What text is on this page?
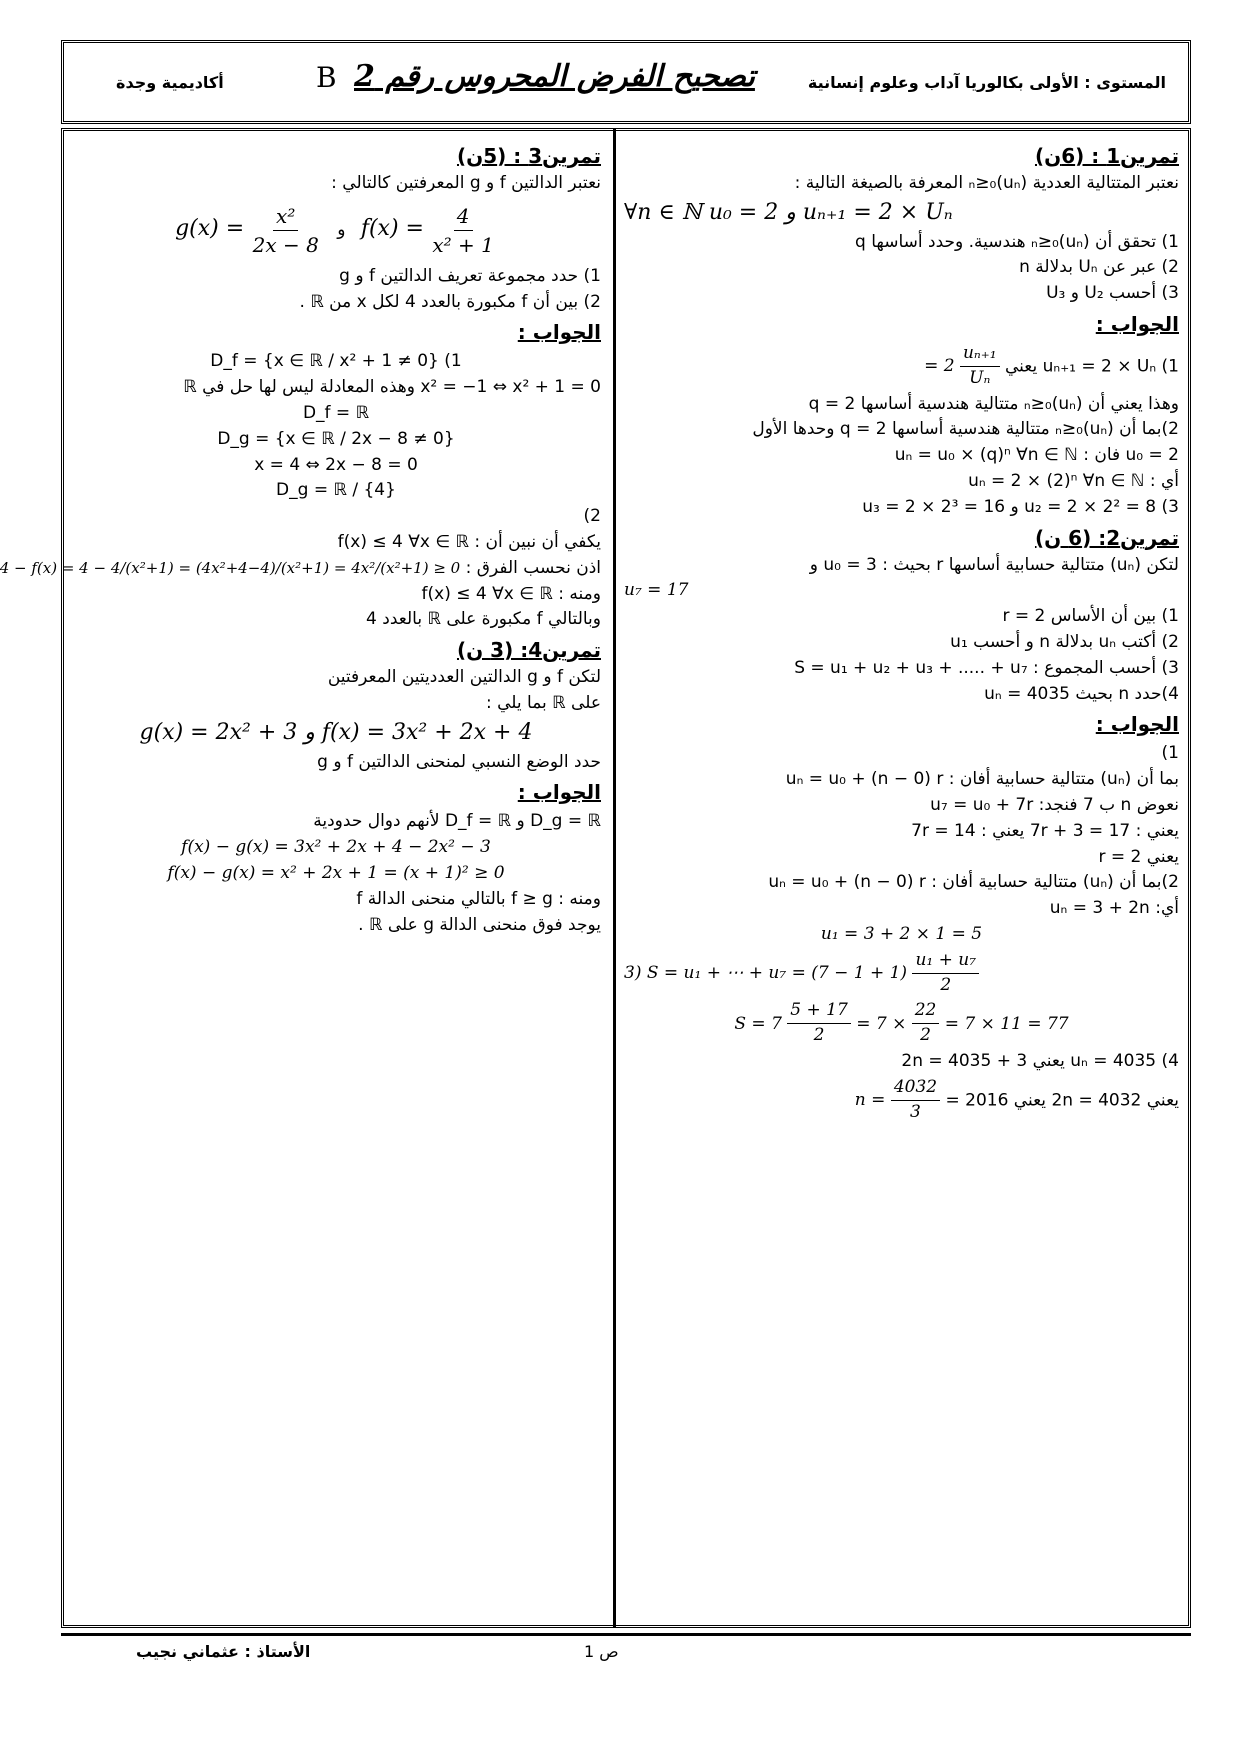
المستوى : الأولى بكالوريا آداب وعلوم إنسانية
تصحيح الفرض المحروس رقم 2
B
أكاديمية وجدة
تمرين1 : (6ن)
نعتبر المتتالية العددية (uₙ)ₙ≥₀ المعرفة بالصيغة التالية :
∀n ∈ ℕ u₀ = 2 و uₙ₊₁ = 2 × Uₙ
1) تحقق أن (uₙ)ₙ≥₀ هندسية. وحدد أساسها q
2) عبر عن Uₙ بدلالة n
3) أحسب U₂ و U₃
الجواب :
1) uₙ₊₁ = 2 × Uₙ يعني
$\frac{\text{uₙ₊₁}}{\text{Uₙ}}$
= 2
وهذا يعني أن (uₙ)ₙ≥₀ متتالية هندسية أساسها q = 2
2)بما أن (uₙ)ₙ≥₀ متتالية هندسية أساسها q = 2 وحدها الأول
u₀ = 2 فان : uₙ = u₀ × (q)ⁿ ∀n ∈ ℕ
أي : uₙ = 2 × (2)ⁿ ∀n ∈ ℕ
3) u₂ = 2 × 2² = 8 و u₃ = 2 × 2³ = 16
تمرين2: (6 ن)
لتكن (uₙ) متتالية حسابية أساسها r بحيث : u₀ = 3 و
u₇ = 17
1) بين أن الأساس r = 2
2) أكتب uₙ بدلالة n و أحسب u₁
3) أحسب المجموع : S = u₁ + u₂ + u₃ + ..... + u₇
4)حدد n بحيث uₙ = 4035
الجواب :
1)
بما أن (uₙ) متتالية حسابية أفان : uₙ = u₀ + (n − 0) r
نعوض n ب 7 فنجد: u₇ = u₀ + 7r
يعني : 17 = 3 + 7r يعني : 14 = 7r
يعني r = 2
2)بما أن (uₙ) متتالية حسابية أفان : uₙ = u₀ + (n − 0) r
أي: uₙ = 3 + 2n
u₁ = 3 + 2 × 1 = 5
3) S = u₁ + ⋯ + $u_7 = (7 - 1 + 1) \frac{\text{u₁ + u₇}}{2}$
$S = 7 \frac{5 + 17}{2} = 7 \times \frac{22}{2} = 7 \times 11 = 77$
4) uₙ = 4035 يعني 3 + 2n = 4035
يعني 2n = 4032 يعني 2016 =
$\frac{4032}{3}$
n =
تمرين3 : (5ن)
نعتبر الدالتين f و g المعرفتين كالتالي :
$g(x) = \frac{\text{x²}}{2x - 8}$ و $f(x) = \frac{4}{\text{x² + 1}}$
1) حدد مجموعة تعريف الدالتين f و g
2) بين أن f مكبورة بالعدد 4 لكل x من ℝ .
الجواب :
1) D_f = {x ∈ ℝ / x² + 1 ≠ 0}
x² = −1 ⇔ x² + 1 = 0 وهذه المعادلة ليس لها حل في ℝ
D_f = ℝ
D_g = {x ∈ ℝ / 2x − 8 ≠ 0}
x = 4 ⇔ 2x − 8 = 0
D_g = ℝ / {4}
2)
يكفي أن نبين أن : f(x) ≤ 4 ∀x ∈ ℝ
اذن نحسب الفرق : 4 − f(x) = 4 − 4/(x²+1) = (4x²+4−4)/(x²+1) = 4x²/(x²+1) ≥ 0
ومنه : f(x) ≤ 4 ∀x ∈ ℝ
وبالتالي f مكبورة على ℝ بالعدد 4
تمرين4: (3 ن)
لتكن f و g الدالتين العدديتين المعرفتين
على ℝ بما يلي :
g(x) = 2x² + 3 و f(x) = 3x² + 2x + 4
حدد الوضع النسبي لمنحنى الدالتين f و g
الجواب :
D_g = ℝ و D_f = ℝ لأنهم دوال حدودية
f(x) − g(x) = 3x² + 2x + 4 − 2x² − 3
f(x) − g(x) = x² + 2x + 1 = (x + 1)² ≥ 0
ومنه : f ≥ g بالتالي منحنى الدالة f
يوجد فوق منحنى الدالة g على ℝ .
الأستاذ : عثماني نجيب	ص 1
